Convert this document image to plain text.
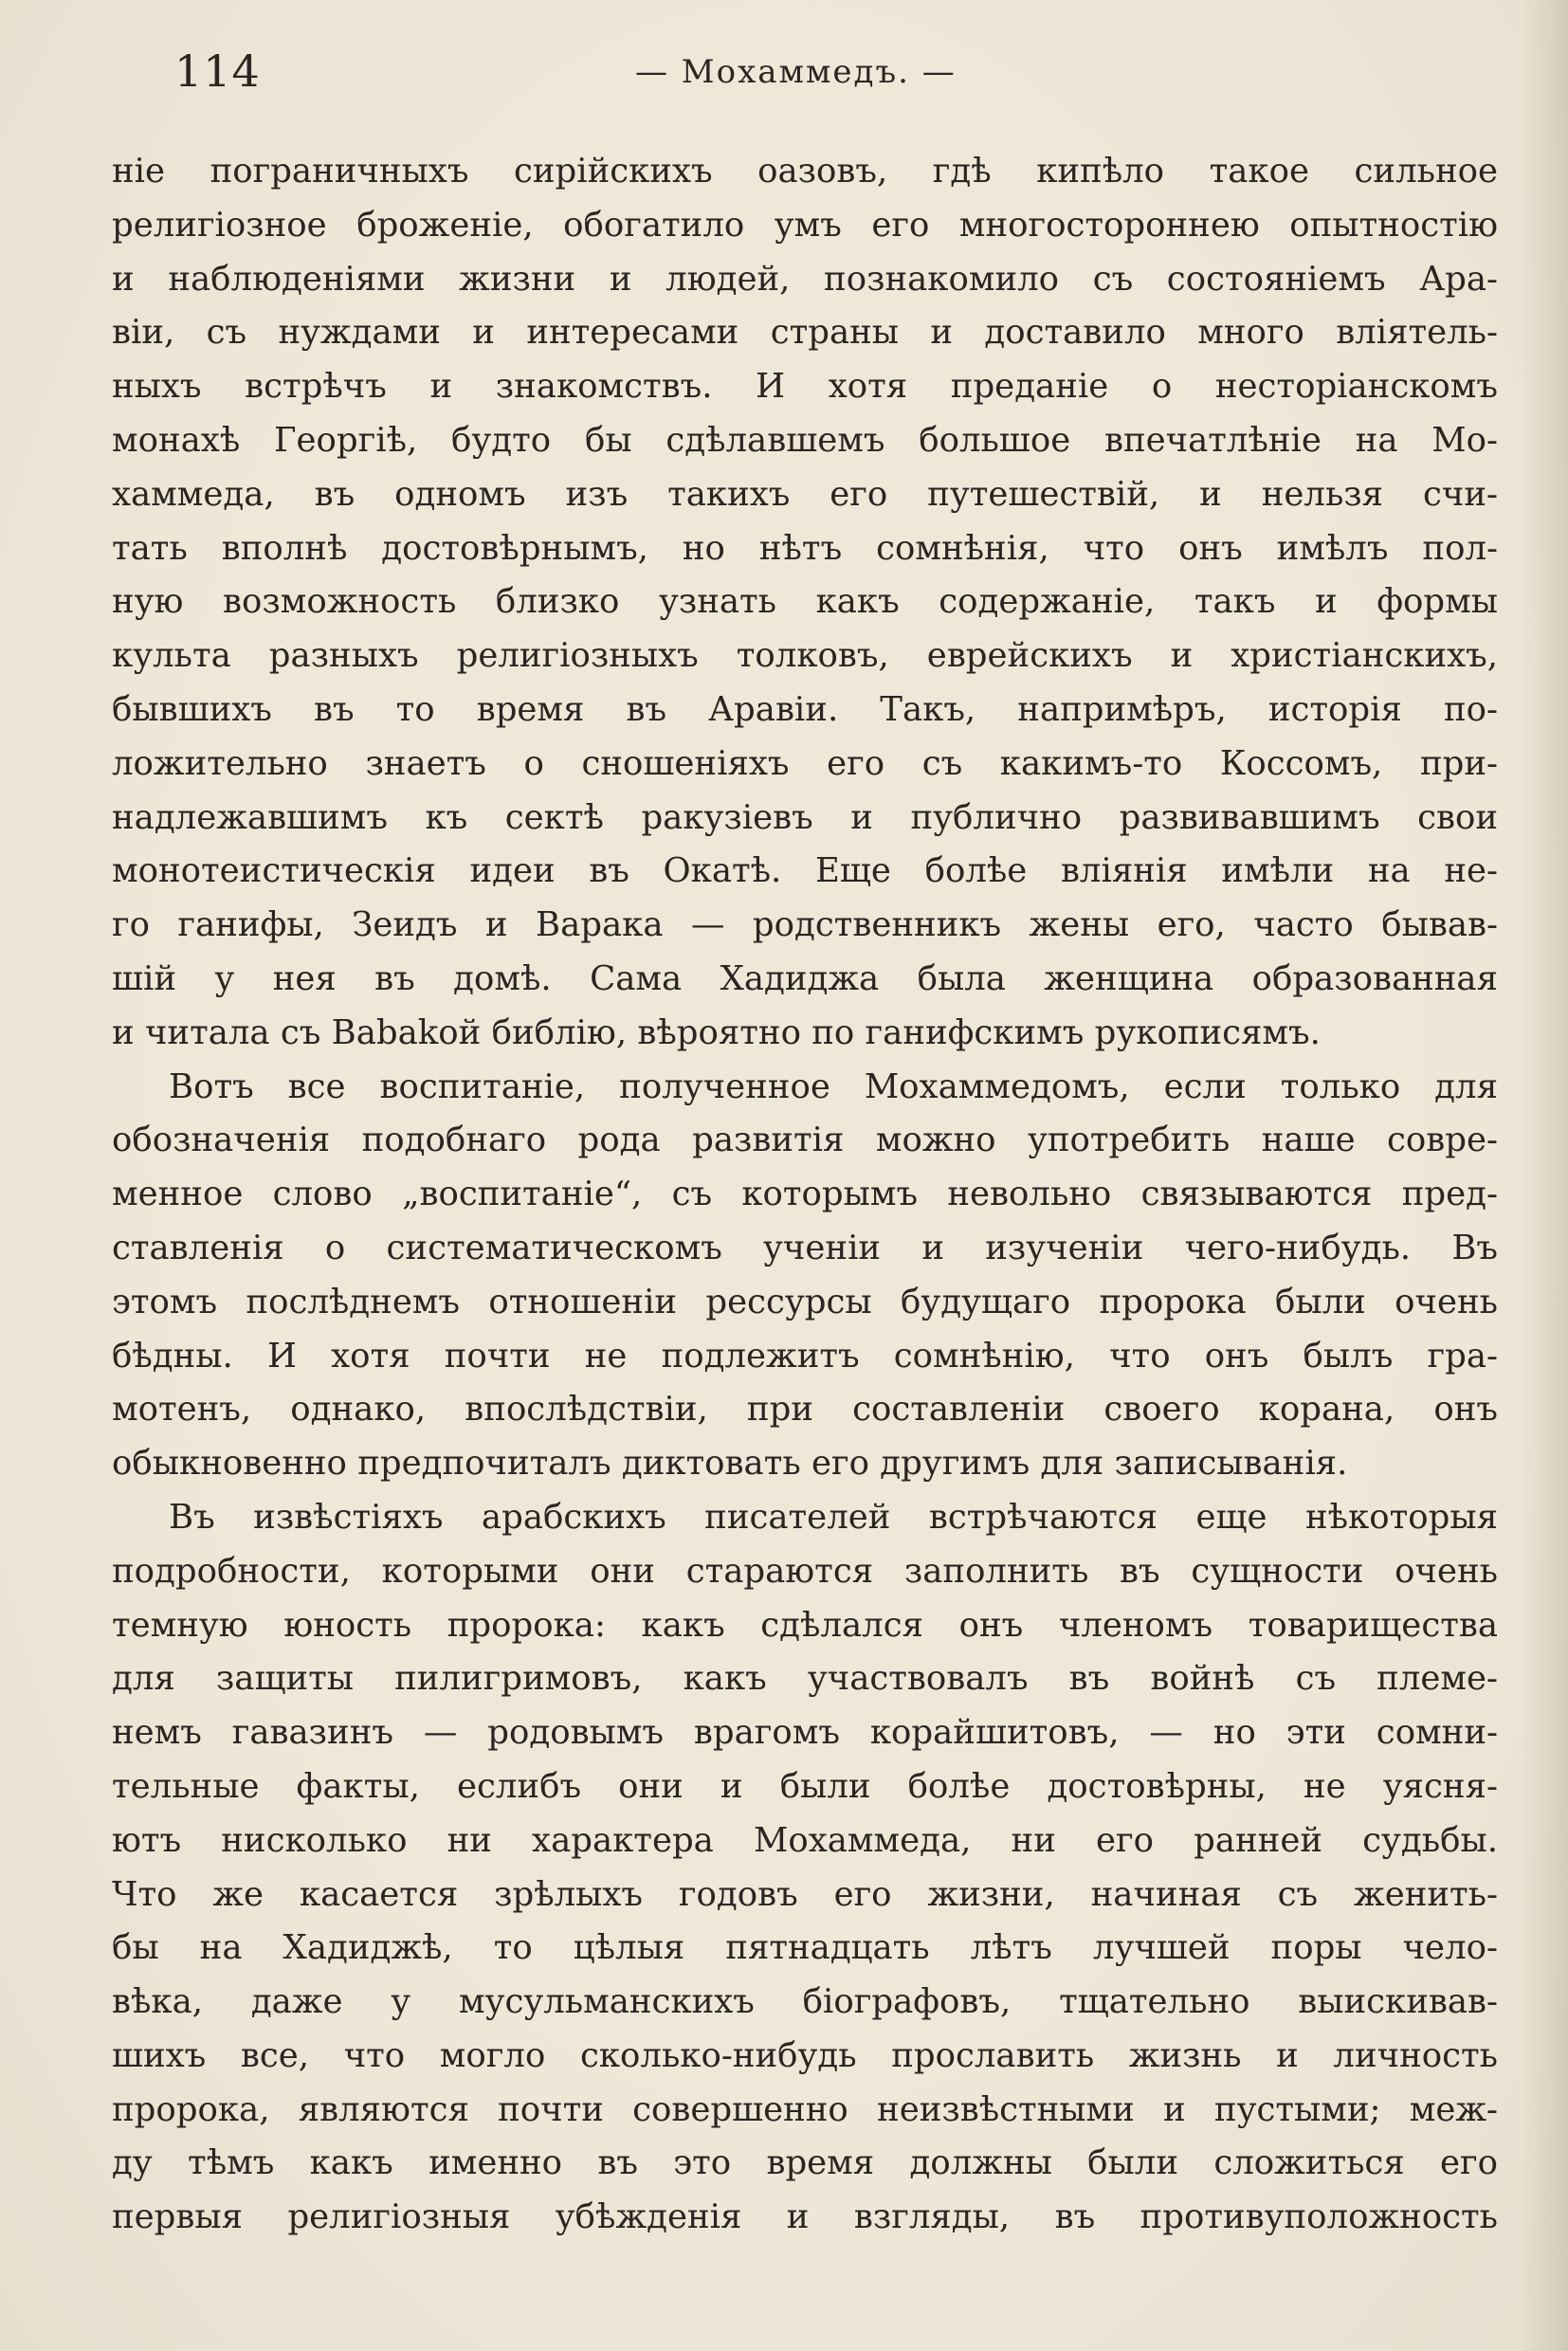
114	— Мохаммедъ. —
ніе пограничныхъ сирійскихъ оазовъ, гдѣ кипѣло такое сильное
религіозное броженіе, обогатило умъ его многостороннею опытностію
и наблюденіями жизни и людей, познакомило съ состояніемъ Ара-
віи, съ нуждами и интересами страны и доставило много вліятель-
ныхъ встрѣчъ и знакомствъ. И хотя преданіе о несторіанскомъ
монахѣ Георгіѣ, будто бы сдѣлавшемъ большое впечатлѣніе на Мо-
хаммеда, въ одномъ изъ такихъ его путешествій, и нельзя счи-
тать вполнѣ достовѣрнымъ, но нѣтъ сомнѣнія, что онъ имѣлъ пол-
ную возможность близко узнать какъ содержаніе, такъ и формы
культа разныхъ религіозныхъ толковъ, еврейскихъ и христіанскихъ,
бывшихъ въ то время въ Аравіи. Такъ, напримѣръ, исторія по-
ложительно знаетъ о сношеніяхъ его съ какимъ-то Коссомъ, при-
надлежавшимъ къ сектѣ ракузіевъ и публично развивавшимъ свои
монотеистическія идеи въ Окатѣ. Еще болѣе вліянія имѣли на не-
го ганифы, Зеидъ и Варака — родственникъ жены его, часто бывав-
шій у нея въ домѣ. Сама Хадиджа была женщина образованная
и читала съ Babakой библію, вѣроятно по ганифскимъ рукописямъ.
Вотъ все воспитаніе, полученное Мохаммедомъ, если только для
обозначенія подобнаго рода развитія можно употребить наше совре-
менное слово „воспитаніе“, съ которымъ невольно связываются пред-
ставленія о систематическомъ ученіи и изученіи чего-нибудь. Въ
этомъ послѣднемъ отношеніи рессурсы будущаго пророка были очень
бѣдны. И хотя почти не подлежитъ сомнѣнію, что онъ былъ гра-
мотенъ, однако, впослѣдствіи, при составленіи своего корана, онъ
обыкновенно предпочиталъ диктовать его другимъ для записыванія.
Въ извѣстіяхъ арабскихъ писателей встрѣчаются еще нѣкоторыя
подробности, которыми они стараются заполнить въ сущности очень
темную юность пророка: какъ сдѣлался онъ членомъ товарищества
для защиты пилигримовъ, какъ участвовалъ въ войнѣ съ племе-
немъ гавазинъ — родовымъ врагомъ корайшитовъ, — но эти сомни-
тельные факты, еслибъ они и были болѣе достовѣрны, не уясня-
ютъ нисколько ни характера Мохаммеда, ни его ранней судьбы.
Что же касается зрѣлыхъ годовъ его жизни, начиная съ женить-
бы на Хадиджѣ, то цѣлыя пятнадцать лѣтъ лучшей поры чело-
вѣка, даже у мусульманскихъ біографовъ, тщательно выискивав-
шихъ все, что могло сколько-нибудь прославить жизнь и личность
пророка, являются почти совершенно неизвѣстными и пустыми; меж-
ду тѣмъ какъ именно въ это время должны были сложиться его
первыя религіозныя убѣжденія и взгляды, въ противуположность
